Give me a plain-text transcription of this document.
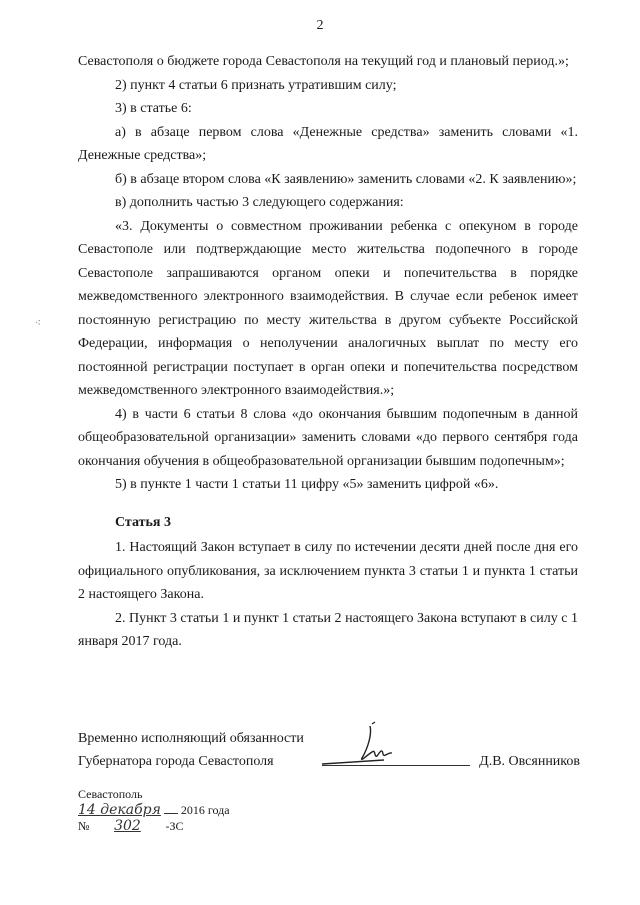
2
⁖

Севастополя о бюджете города Севастополя на текущий год и плановый период.»;

2) пункт 4 статьи 6 признать утратившим силу;

3) в статье 6:

а) в абзаце первом слова «Денежные средства» заменить словами «1. Денежные средства»;

б) в абзаце втором слова «К заявлению» заменить словами «2. К заявлению»;

в) дополнить частью 3 следующего содержания:

«3. Документы о совместном проживании ребенка с опекуном в городе Севастополе или подтверждающие место жительства подопечного в городе Севастополе запрашиваются органом опеки и попечительства в порядке межведомственного электронного взаимодействия. В случае если ребенок имеет постоянную регистрацию по месту жительства в другом субъекте Российской Федерации, информация о неполучении аналогичных выплат по месту его постоянной регистрации поступает в орган опеки и попечительства посредством межведомственного электронного взаимодействия.»;

4) в части 6 статьи 8 слова «до окончания бывшим подопечным в данной общеобразовательной организации» заменить словами «до первого сентября года окончания обучения в общеобразовательной организации бывшим подопечным»;

5) в пункте 1 части 1 статьи 11 цифру «5» заменить цифрой «6».

Статья 3

1. Настоящий Закон вступает в силу по истечении десяти дней после дня его официального опубликования, за исключением пункта 3 статьи 1 и пункта 1 статьи 2 настоящего Закона.

2. Пункт 3 статьи 1 и пункт 1 статьи 2 настоящего Закона вступают в силу с 1 января 2017 года.

Временно исполняющий обязанности
Губернатора города Севастополя	Д.В. Овсянников
Севастополь
14 декабря 2016 года
№ 302 -ЗС
